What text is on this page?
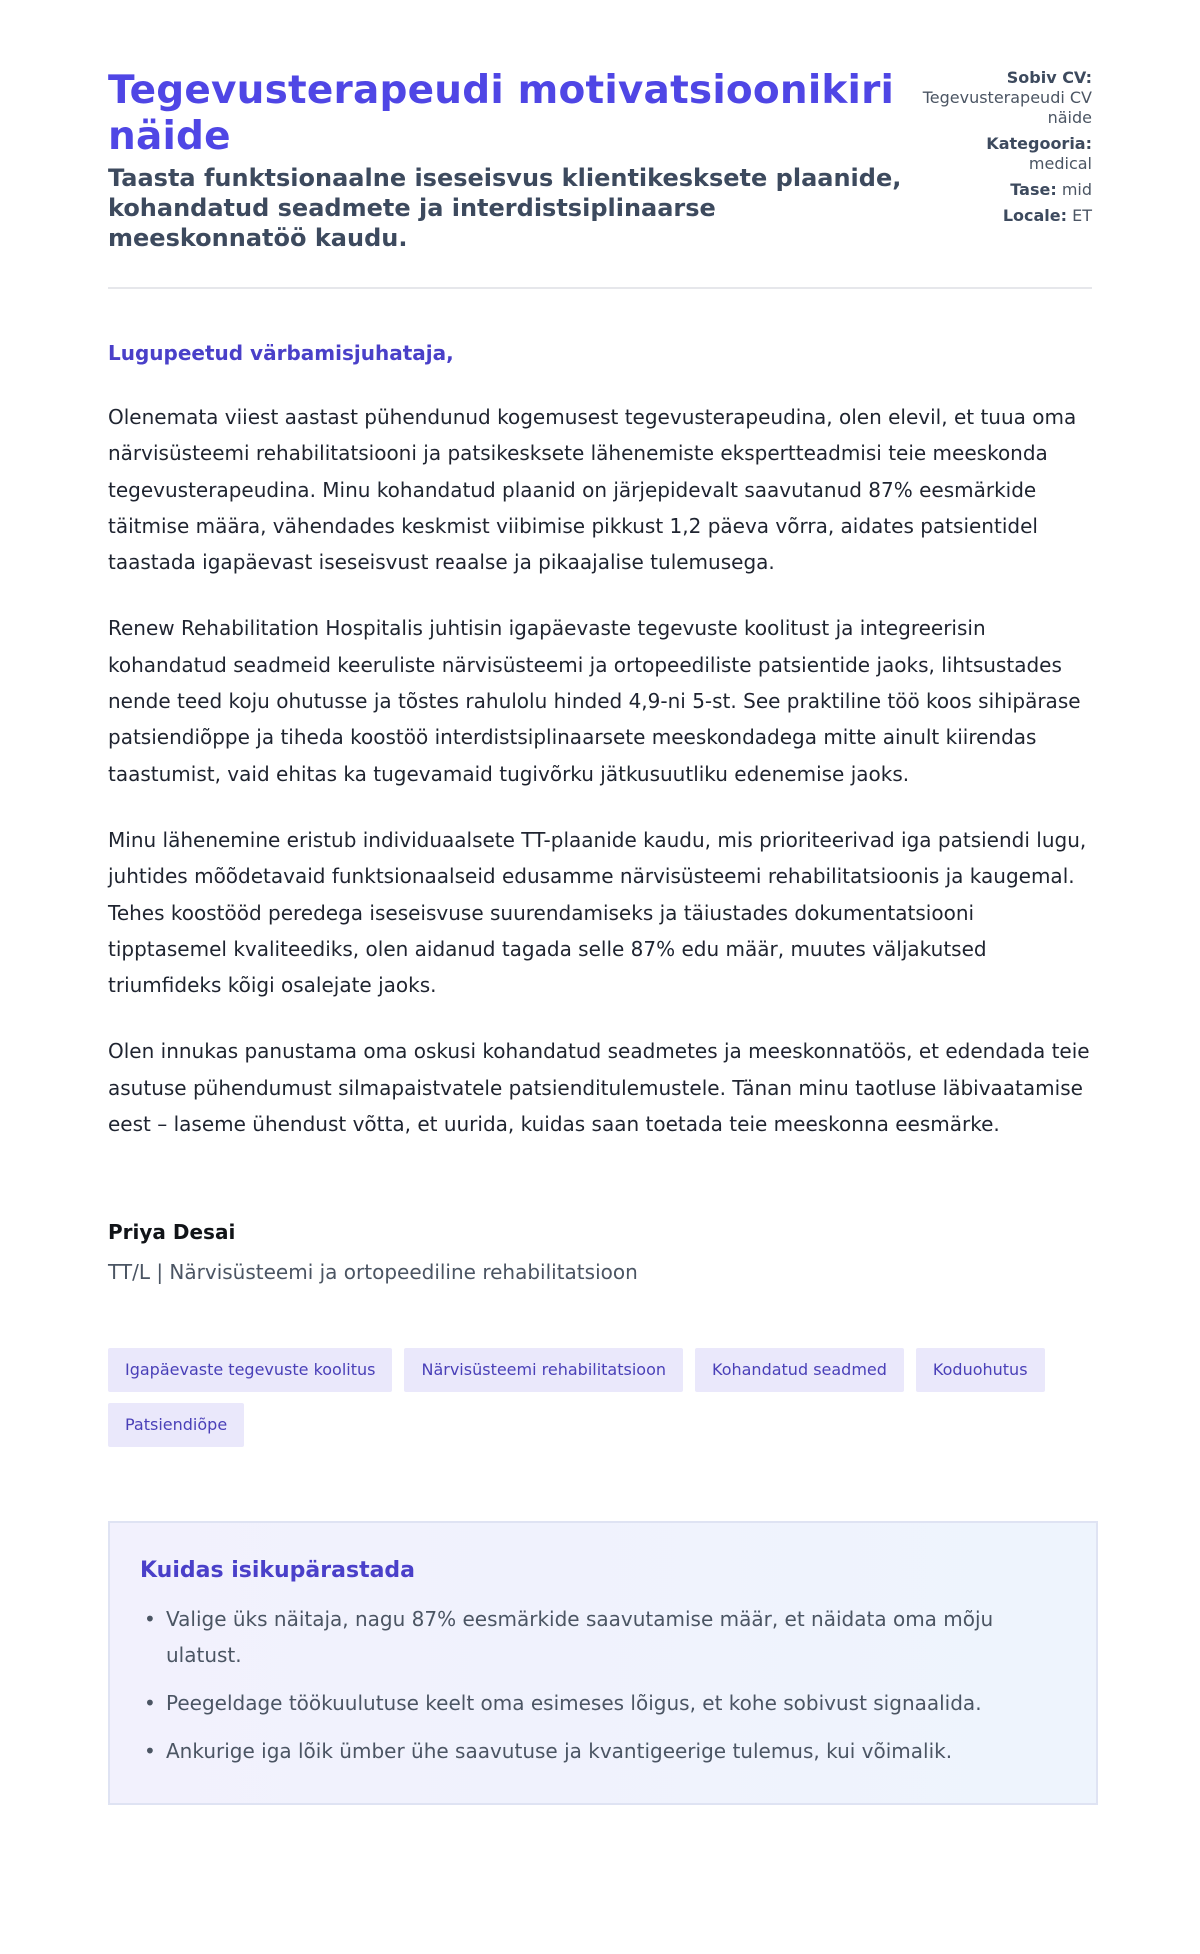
Tegevusterapeudi motivatsioonikiri näide
Taasta funktsionaalne iseseisvus klientikesksete plaanide, kohandatud seadmete ja interdistsiplinaarse meeskonnatöö kaudu.
Sobiv CV:
Tegevusterapeudi CV näide
Kategooria:
medical
Tase: mid
Locale: ET

Lugupeetud värbamisjuhataja,

Olenemata viiest aastast pühendunud kogemusest tegevusterapeudina, olen elevil, et tuua oma närvisüsteemi rehabilitatsiooni ja patsikesksete lähenemiste ekspertteadmisi teie meeskonda tegevusterapeudina. Minu kohandatud plaanid on järjepidevalt saavutanud 87% eesmärkide täitmise määra, vähendades keskmist viibimise pikkust 1,2 päeva võrra, aidates patsientidel taastada igapäevast iseseisvust reaalse ja pikaajalise tulemusega.

Renew Rehabilitation Hospitalis juhtisin igapäevaste tegevuste koolitust ja integreerisin kohandatud seadmeid keeruliste närvisüsteemi ja ortopeediliste patsientide jaoks, lihtsustades nende teed koju ohutusse ja tõstes rahulolu hinded 4,9-ni 5-st. See praktiline töö koos sihipärase patsiendiõppe ja tiheda koostöö interdistsiplinaarsete meeskondadega mitte ainult kiirendas taastumist, vaid ehitas ka tugevamaid tugivõrku jätkusuutliku edenemise jaoks.

Minu lähenemine eristub individuaalsete TT-plaanide kaudu, mis prioriteerivad iga patsiendi lugu, juhtides mõõdetavaid funktsionaalseid edusamme närvisüsteemi rehabilitatsioonis ja kaugemal. Tehes koostööd peredega iseseisvuse suurendamiseks ja täiustades dokumentatsiooni tipptasemel kvaliteediks, olen aidanud tagada selle 87% edu määr, muutes väljakutsed triumfideks kõigi osalejate jaoks.

Olen innukas panustama oma oskusi kohandatud seadmetes ja meeskonnatöös, et edendada teie asutuse pühendumust silmapaistvatele patsienditulemustele. Tänan minu taotluse läbivaatamise eest – laseme ühendust võtta, et uurida, kuidas saan toetada teie meeskonna eesmärke.

Priya Desai
TT/L | Närvisüsteemi ja ortopeediline rehabilitatsioon
Igapäevaste tegevuste koolitus	Närvisüsteemi rehabilitatsioon	Kohandatud seadmed	Koduohutus
Patsiendiõpe
Kuidas isikupärastada
• Valige üks näitaja, nagu 87% eesmärkide saavutamise määr, et näidata oma mõju ulatust.
• Peegeldage töökuulutuse keelt oma esimeses lõigus, et kohe sobivust signaalida.
• Ankurige iga lõik ümber ühe saavutuse ja kvantigeerige tulemus, kui võimalik.
